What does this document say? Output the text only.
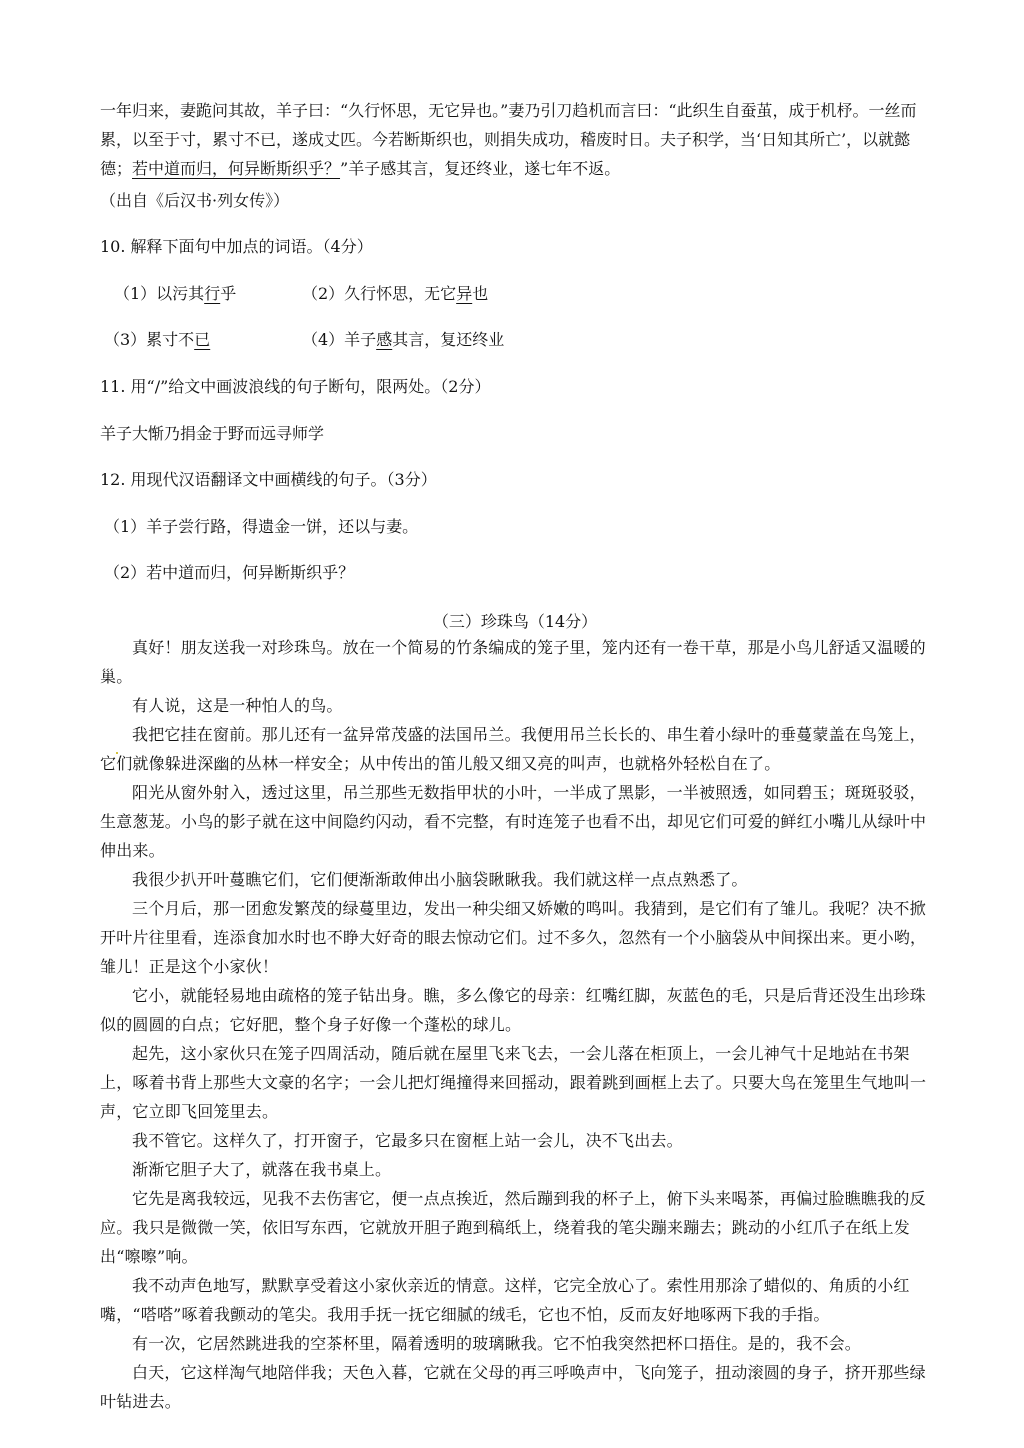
一年归来，妻跪问其故，羊子曰：“久行怀思，无它异也。”妻乃引刀趋机而言曰：“此织生自蚕茧，成于机杼。一丝而累，以至于寸，累寸不已，遂成丈匹。今若断斯织也，则捐失成功，稽废时日。夫子积学，当‘日知其所亡’，以就懿德；若中道而归，何异断斯织乎？”羊子感其言，复还终业，遂七年不返。
（出自《后汉书·列女传》）
10. 解释下面句中加点的词语。（4分）
（1）以污其行乎	（2）久行怀思，无它异也
（3）累寸不已	（4）羊子感其言，复还终业
11. 用“/”给文中画波浪线的句子断句，限两处。（2分）
羊子大惭乃捐金于野而远寻师学
12. 用现代汉语翻译文中画横线的句子。（3分）
（1）羊子尝行路，得遗金一饼，还以与妻。
（2）若中道而归，何异断斯织乎？
（三）珍珠鸟（14分）
真好！朋友送我一对珍珠鸟。放在一个简易的竹条编成的笼子里，笼内还有一卷干草，那是小鸟儿舒适又温暖的巢。
有人说，这是一种怕人的鸟。
我把它挂在窗前。那儿还有一盆异常茂盛的法国吊兰。我便用吊兰长长的、串生着小绿叶的垂蔓蒙盖在鸟笼上，它们就像躲进深幽的丛林一样安全；从中传出的笛儿般又细又亮的叫声，也就格外轻松自在了。
阳光从窗外射入，透过这里，吊兰那些无数指甲状的小叶，一半成了黑影，一半被照透，如同碧玉；斑斑驳驳，生意葱茏。小鸟的影子就在这中间隐约闪动，看不完整，有时连笼子也看不出，却见它们可爱的鲜红小嘴儿从绿叶中伸出来。
我很少扒开叶蔓瞧它们，它们便渐渐敢伸出小脑袋瞅瞅我。我们就这样一点点熟悉了。
三个月后，那一团愈发繁茂的绿蔓里边，发出一种尖细又娇嫩的鸣叫。我猜到，是它们有了雏儿。我呢？决不掀开叶片往里看，连添食加水时也不睁大好奇的眼去惊动它们。过不多久，忽然有一个小脑袋从中间探出来。更小哟，雏儿！正是这个小家伙！
它小，就能轻易地由疏格的笼子钻出身。瞧，多么像它的母亲：红嘴红脚，灰蓝色的毛，只是后背还没生出珍珠似的圆圆的白点；它好肥，整个身子好像一个蓬松的球儿。
起先，这小家伙只在笼子四周活动，随后就在屋里飞来飞去，一会儿落在柜顶上，一会儿神气十足地站在书架上，啄着书背上那些大文豪的名字；一会儿把灯绳撞得来回摇动，跟着跳到画框上去了。只要大鸟在笼里生气地叫一声，它立即飞回笼里去。
我不管它。这样久了，打开窗子，它最多只在窗框上站一会儿，决不飞出去。
渐渐它胆子大了，就落在我书桌上。
它先是离我较远，见我不去伤害它，便一点点挨近，然后蹦到我的杯子上，俯下头来喝茶，再偏过脸瞧瞧我的反应。我只是微微一笑，依旧写东西，它就放开胆子跑到稿纸上，绕着我的笔尖蹦来蹦去；跳动的小红爪子在纸上发出“嚓嚓”响。
我不动声色地写，默默享受着这小家伙亲近的情意。这样，它完全放心了。索性用那涂了蜡似的、角质的小红嘴，“嗒嗒”啄着我颤动的笔尖。我用手抚一抚它细腻的绒毛，它也不怕，反而友好地啄两下我的手指。
有一次，它居然跳进我的空茶杯里，隔着透明的玻璃瞅我。它不怕我突然把杯口捂住。是的，我不会。
白天，它这样淘气地陪伴我；天色入暮，它就在父母的再三呼唤声中，飞向笼子，扭动滚圆的身子，挤开那些绿叶钻进去。
